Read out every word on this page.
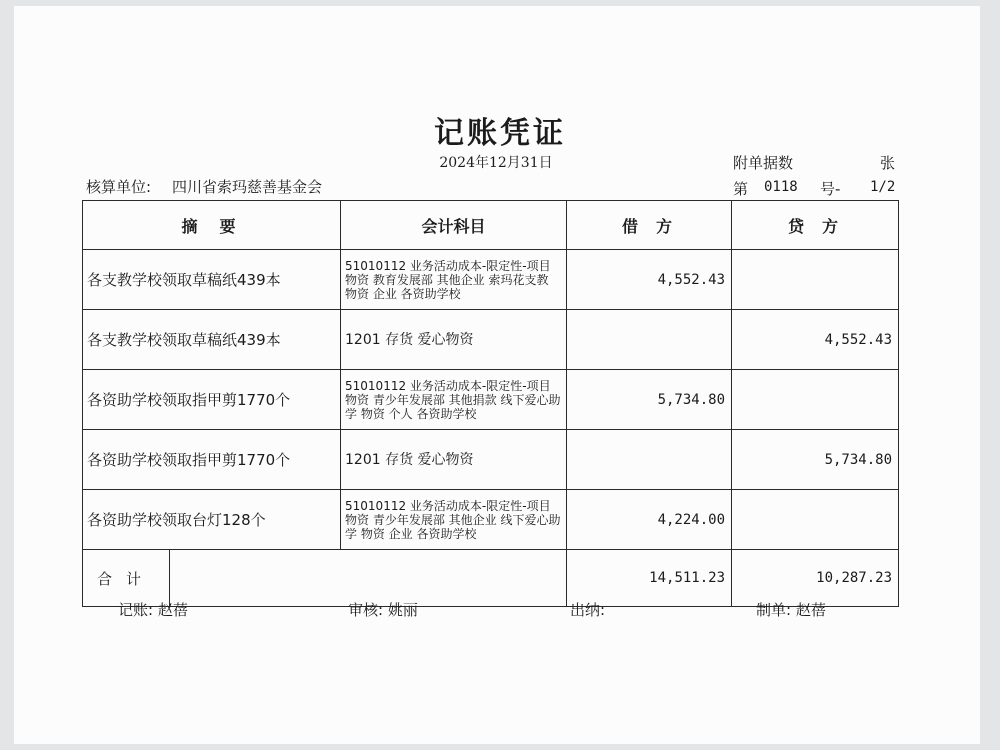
记账凭证
2024年12月31日	附单据数	张
核算单位: 四川省索玛慈善基金会	第 0118 号- 1/2
摘要		会计科目	借方	贷方
各支教学校领取草稿纸439本		51010112 业务活动成本-限定性-项目物资 教育发展部 其他企业 索玛花支教 物资 企业 各资助学校	4,552.43	
各支教学校领取草稿纸439本		1201 存货 爱心物资		4,552.43
各资助学校领取指甲剪1770个		51010112 业务活动成本-限定性-项目物资 青少年发展部 其他捐款 线下爱心助学 物资 个人 各资助学校	5,734.80	
各资助学校领取指甲剪1770个		1201 存货 爱心物资		5,734.80
各资助学校领取台灯128个		51010112 业务活动成本-限定性-项目物资 青少年发展部 其他企业 线下爱心助学 物资 企业 各资助学校	4,224.00	
合计			14,511.23	10,287.23
记账: 赵蓓	审核: 姚丽	出纳:	制单: 赵蓓
